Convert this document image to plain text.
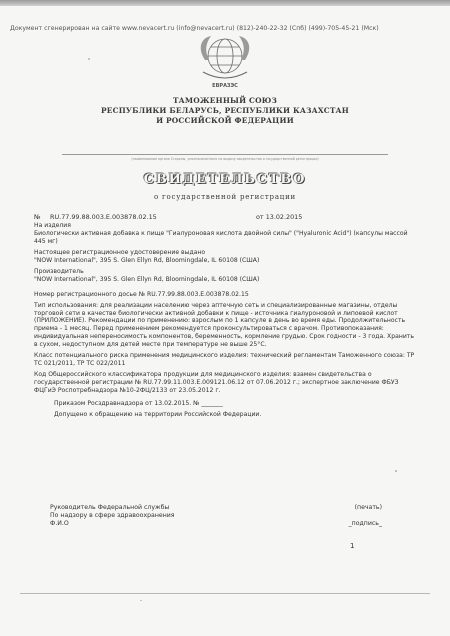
Документ сгенерирован на сайте www.nevacert.ru (info@nevacert.ru) (812)-240-22-32 (Спб) (499)-705-45-21 (Мск)
ЕВРАЗЭС
ТАМОЖЕННЫЙ СОЮЗ
РЕСПУБЛИКИ БЕЛАРУСЬ, РЕСПУБЛИКИ КАЗАХСТАН
И РОССИЙСКОЙ ФЕДЕРАЦИИ
(наименование органа Стороны, уполномоченного на выдачу свидетельства о государственной регистрации)
СВИДЕТЕЛЬСТВО
о государственной регистрации
№ RU.77.99.88.003.Е.003878.02.15	от 13.02.2015

На изделия

Биологически активная добавка к пище "Гиалуроновая кислота двойной силы" ("Hyaluronic Acid") (капсулы массой 445 мг)

Настоящее регистрационное удостоверение выдано

"NOW International", 395 S. Glen Ellyn Rd, Bloomingdale, IL 60108 (США)

Производитель

"NOW International", 395 S. Glen Ellyn Rd, Bloomingdale, IL 60108 (США)

Номер регистрационного досье № RU.77.99.88.003.Е.003878.02.15

Тип использования: для реализации населению через аптечную сеть и специализированные магазины, отделы торговой сети в качестве биологически активной добавки к пище - источника гиалуроновой и липоевой кислот (ПРИЛОЖЕНИЕ). Рекомендации по применению: взрослым по 1 капсуле в день во время еды. Продолжительность приема - 1 месяц. Перед применением рекомендуется проконсультироваться с врачом. Противопоказания: индивидуальная непереносимость компонентов, беременность, кормление грудью. Срок годности - 3 года. Хранить в сухом, недоступном для детей месте при температуре не выше 25°С.

Класс потенциального риска применения медицинского изделия: технический регламентам Таможенного союза: ТР ТС 021/2011, ТР ТС 022/2011

Код Общероссийского классификатора продукции для медицинского изделия: взамен свидетельства о государственной регистрации № RU.77.99.11.003.Е.009121.06.12 от 07.06.2012 г.; экспертное заключение ФБУЗ ФЦГиЭ Роспотребнадзора №10-2ФЦ/2133 от 23.05.2012 г.

Приказом Росздравнадзора от 13.02.2015. № _______

Допущено к обращению на территории Российской Федерации.

Руководитель Федеральной службы	(печать)
По надзору в сфере здравоохранения
Ф.И.О	_подпись_
1
